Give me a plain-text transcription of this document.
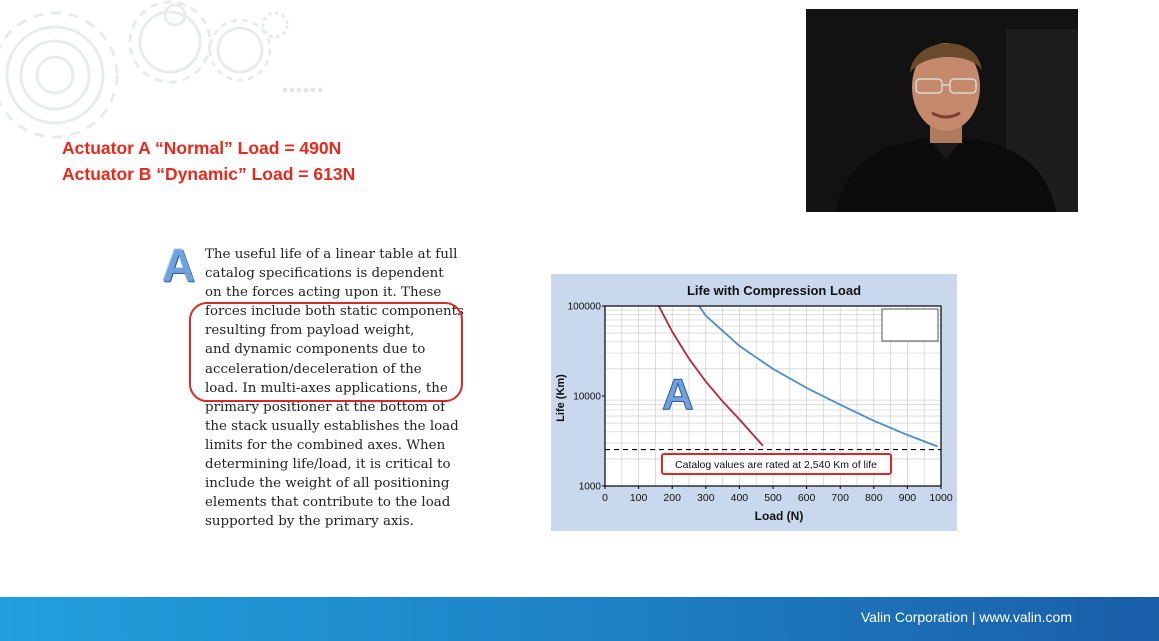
Actuator A “Normal” Load = 490N
Actuator B “Dynamic” Load = 613N
A The useful life of a linear table at full
catalog specifications is dependent
on the forces acting upon it. These
forces include both static components
resulting from payload weight,
and dynamic components due to
acceleration/deceleration of the
load. In multi-axes applications, the
primary positioner at the bottom of
the stack usually establishes the load
limits for the combined axes. When
determining life/load, it is critical to
include the weight of all positioning
elements that contribute to the load
supported by the primary axis.
Life with Compression Load
0 100 200 300 400 500 600 700 800 900 1000
1000
10000
100000
Load (N)
Life (Km) A
Catalog values are rated at 2,540 Km of life
Valin Corporation | www.valin.com
